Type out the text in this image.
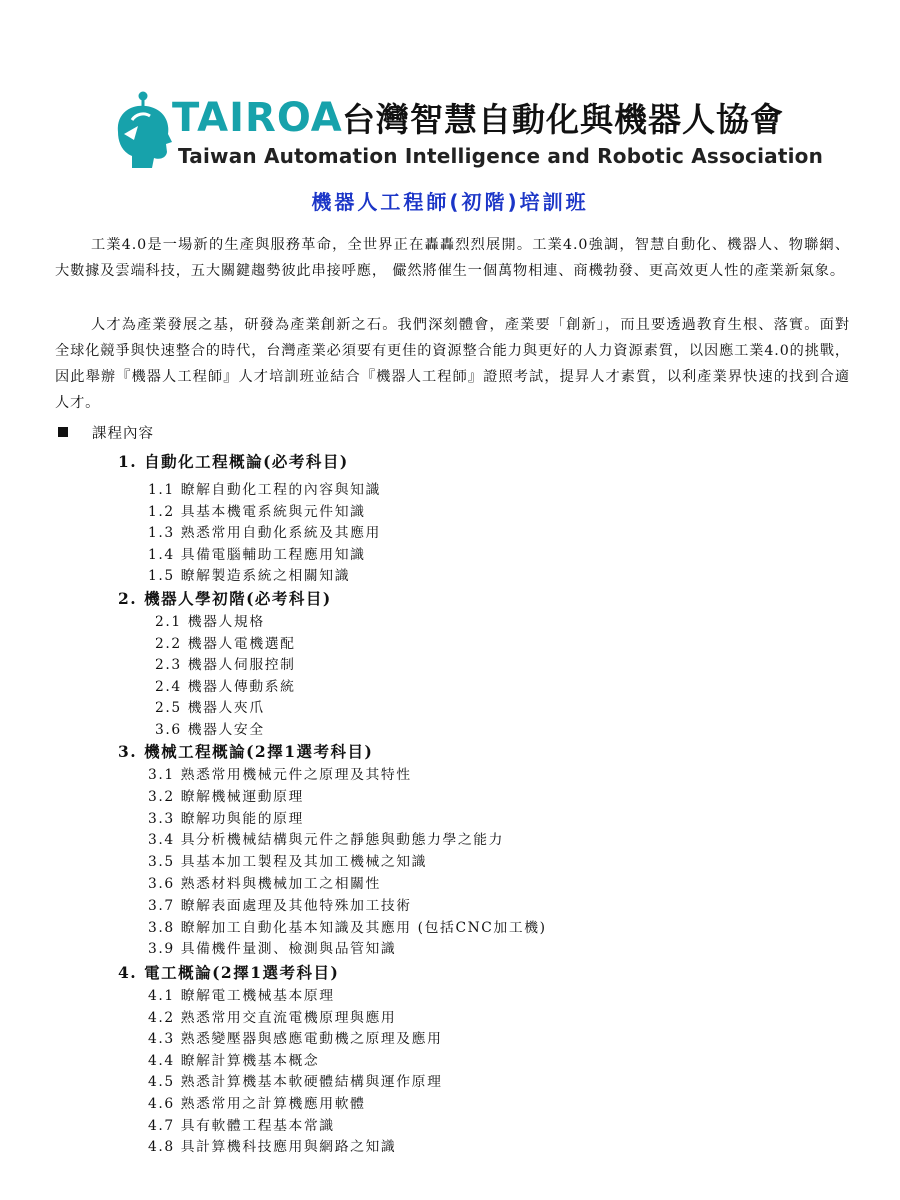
TAIROA 台灣智慧自動化與機器人協會
Taiwan Automation Intelligence and Robotic Association
機器人工程師(初階)培訓班
工業4.0是一場新的生產與服務革命，全世界正在轟轟烈烈展開。工業4.0強調，智慧自動化、機器人、物聯網、大數據及雲端科技，五大關鍵趨勢彼此串接呼應， 儼然將催生一個萬物相連、商機勃發、更高效更人性的產業新氣象。
人才為產業發展之基，研發為產業創新之石。我們深刻體會，產業要「創新」，而且要透過教育生根、落實。面對全球化競爭與快速整合的時代，台灣產業必須要有更佳的資源整合能力與更好的人力資源素質，以因應工業4.0的挑戰，因此舉辦『機器人工程師』人才培訓班並結合『機器人工程師』證照考試，提昇人才素質，以利產業界快速的找到合適人才。
課程內容
1. 自動化工程概論(必考科目)
1.1 瞭解自動化工程的內容與知識
1.2 具基本機電系統與元件知識
1.3 熟悉常用自動化系統及其應用
1.4 具備電腦輔助工程應用知識
1.5 瞭解製造系統之相關知識
2. 機器人學初階(必考科目)
2.1 機器人規格
2.2 機器人電機選配
2.3 機器人伺服控制
2.4 機器人傳動系統
2.5 機器人夾爪
3.6 機器人安全
3. 機械工程概論(2擇1選考科目)
3.1 熟悉常用機械元件之原理及其特性
3.2 瞭解機械運動原理
3.3 瞭解功與能的原理
3.4 具分析機械結構與元件之靜態與動態力學之能力
3.5 具基本加工製程及其加工機械之知識
3.6 熟悉材料與機械加工之相關性
3.7 瞭解表面處理及其他特殊加工技術
3.8 瞭解加工自動化基本知識及其應用 (包括CNC加工機)
3.9 具備機件量測、檢測與品管知識
4. 電工概論(2擇1選考科目)
4.1 瞭解電工機械基本原理
4.2 熟悉常用交直流電機原理與應用
4.3 熟悉變壓器與感應電動機之原理及應用
4.4 瞭解計算機基本概念
4.5 熟悉計算機基本軟硬體結構與運作原理
4.6 熟悉常用之計算機應用軟體
4.7 具有軟體工程基本常識
4.8 具計算機科技應用與網路之知識
